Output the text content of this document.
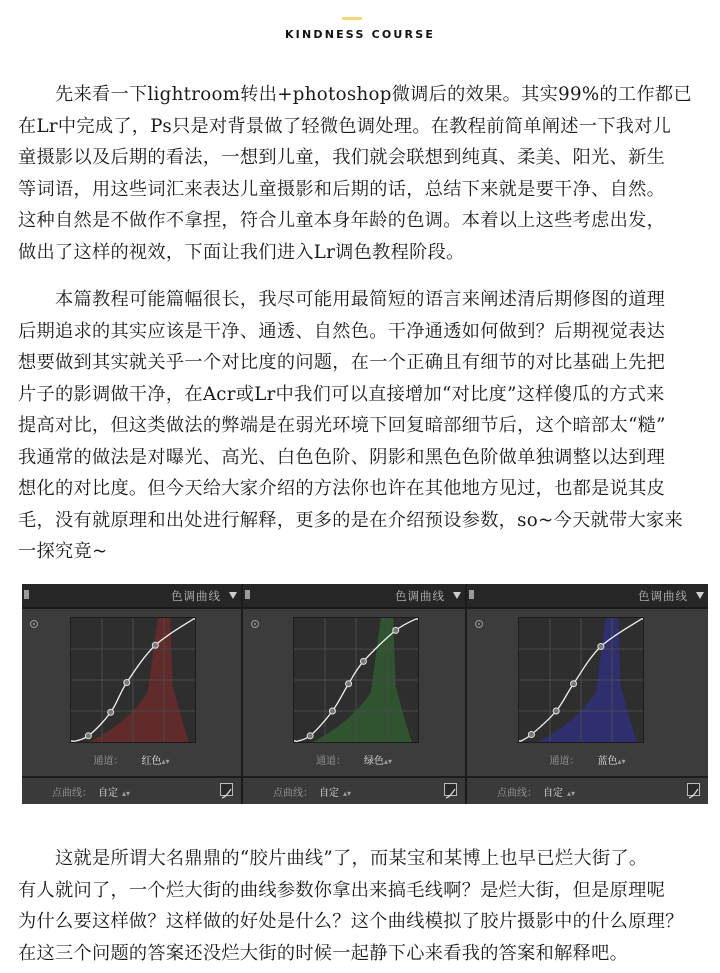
KINDNESS COURSE
先来看一下lightroom转出+photoshop微调后的效果。其实99%的工作都已
在Lr中完成了，Ps只是对背景做了轻微色调处理。在教程前简单阐述一下我对儿
童摄影以及后期的看法，一想到儿童，我们就会联想到纯真、柔美、阳光、新生
等词语，用这些词汇来表达儿童摄影和后期的话，总结下来就是要干净、自然。
这种自然是不做作不拿捏，符合儿童本身年龄的色调。本着以上这些考虑出发，
做出了这样的视效，下面让我们进入Lr调色教程阶段。
本篇教程可能篇幅很长，我尽可能用最简短的语言来阐述清后期修图的道理
后期追求的其实应该是干净、通透、自然色。干净通透如何做到？后期视觉表达
想要做到其实就关乎一个对比度的问题，在一个正确且有细节的对比基础上先把
片子的影调做干净，在Acr或Lr中我们可以直接增加“对比度”这样傻瓜的方式来
提高对比，但这类做法的弊端是在弱光环境下回复暗部细节后，这个暗部太“糙”
我通常的做法是对曝光、高光、白色色阶、阴影和黑色色阶做单独调整以达到理
想化的对比度。但今天给大家介绍的方法你也许在其他地方见过，也都是说其皮
毛，没有就原理和出处进行解释，更多的是在介绍预设参数，so~今天就带大家来
一探究竟~
色调曲线
通道： 红色▴▾
点曲线： 自定 ▴▾
色调曲线
通道： 绿色▴▾
点曲线： 自定 ▴▾
色调曲线
通道： 蓝色▴▾
点曲线： 自定 ▴▾
这就是所谓大名鼎鼎的“胶片曲线”了，而某宝和某博上也早已烂大街了。
有人就问了，一个烂大街的曲线参数你拿出来搞毛线啊？是烂大街，但是原理呢
为什么要这样做？这样做的好处是什么？这个曲线模拟了胶片摄影中的什么原理？
在这三个问题的答案还没烂大街的时候一起静下心来看我的答案和解释吧。
